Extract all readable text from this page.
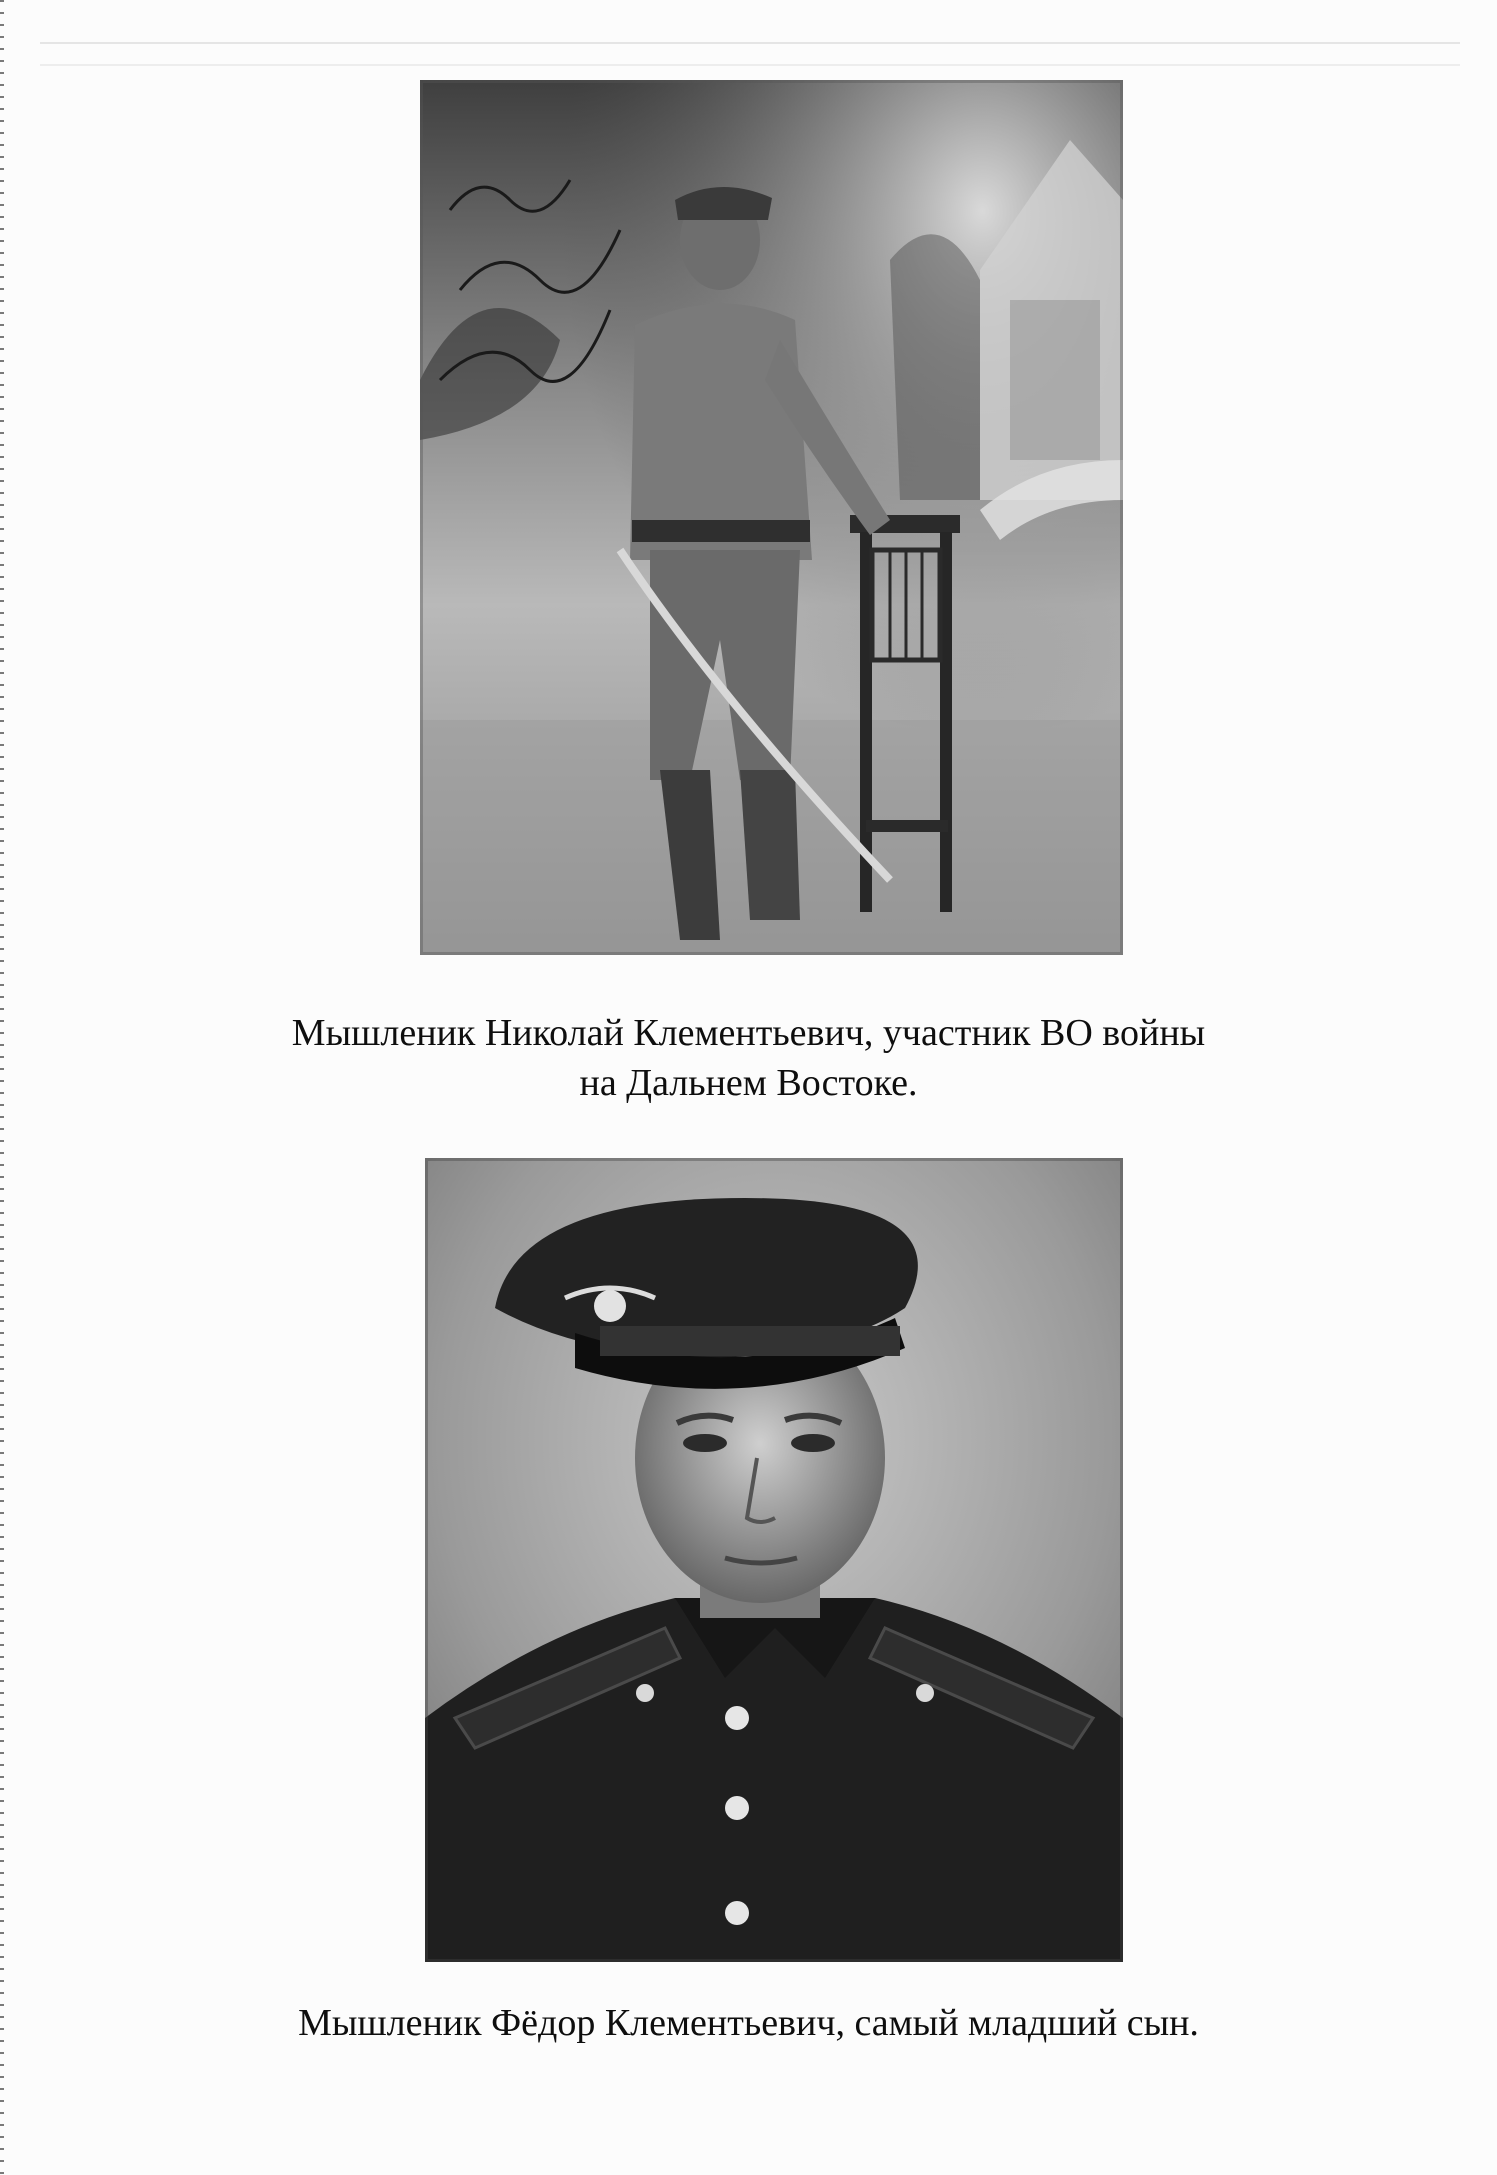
Мышленик Николай Клементьевич, участник ВО войны
на Дальнем Востоке.
Мышленик Фёдор Клементьевич, самый младший сын.
